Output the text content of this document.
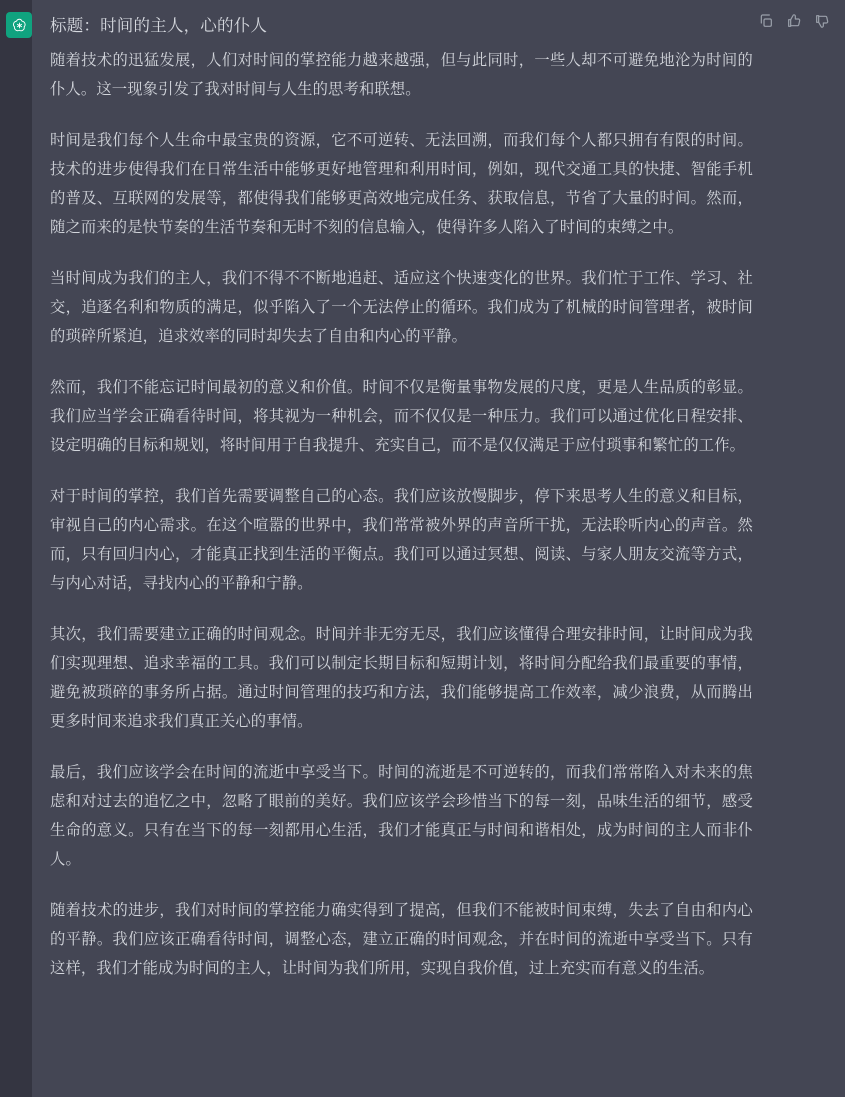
标题：时间的主人，心的仆人

随着技术的迅猛发展，人们对时间的掌控能力越来越强，但与此同时，一些人却不可避免地沦为时间的仆人。这一现象引发了我对时间与人生的思考和联想。

时间是我们每个人生命中最宝贵的资源，它不可逆转、无法回溯，而我们每个人都只拥有有限的时间。技术的进步使得我们在日常生活中能够更好地管理和利用时间，例如，现代交通工具的快捷、智能手机的普及、互联网的发展等，都使得我们能够更高效地完成任务、获取信息，节省了大量的时间。然而，随之而来的是快节奏的生活节奏和无时不刻的信息输入，使得许多人陷入了时间的束缚之中。

当时间成为我们的主人，我们不得不不断地追赶、适应这个快速变化的世界。我们忙于工作、学习、社交，追逐名利和物质的满足，似乎陷入了一个无法停止的循环。我们成为了机械的时间管理者，被时间的琐碎所紧迫，追求效率的同时却失去了自由和内心的平静。

然而，我们不能忘记时间最初的意义和价值。时间不仅是衡量事物发展的尺度，更是人生品质的彰显。我们应当学会正确看待时间，将其视为一种机会，而不仅仅是一种压力。我们可以通过优化日程安排、设定明确的目标和规划，将时间用于自我提升、充实自己，而不是仅仅满足于应付琐事和繁忙的工作。

对于时间的掌控，我们首先需要调整自己的心态。我们应该放慢脚步，停下来思考人生的意义和目标，审视自己的内心需求。在这个喧嚣的世界中，我们常常被外界的声音所干扰，无法聆听内心的声音。然而，只有回归内心，才能真正找到生活的平衡点。我们可以通过冥想、阅读、与家人朋友交流等方式，与内心对话，寻找内心的平静和宁静。

其次，我们需要建立正确的时间观念。时间并非无穷无尽，我们应该懂得合理安排时间，让时间成为我们实现理想、追求幸福的工具。我们可以制定长期目标和短期计划，将时间分配给我们最重要的事情，避免被琐碎的事务所占据。通过时间管理的技巧和方法，我们能够提高工作效率，减少浪费，从而腾出更多时间来追求我们真正关心的事情。

最后，我们应该学会在时间的流逝中享受当下。时间的流逝是不可逆转的，而我们常常陷入对未来的焦虑和对过去的追忆之中，忽略了眼前的美好。我们应该学会珍惜当下的每一刻，品味生活的细节，感受生命的意义。只有在当下的每一刻都用心生活，我们才能真正与时间和谐相处，成为时间的主人而非仆人。

随着技术的进步，我们对时间的掌控能力确实得到了提高，但我们不能被时间束缚，失去了自由和内心的平静。我们应该正确看待时间，调整心态，建立正确的时间观念，并在时间的流逝中享受当下。只有这样，我们才能成为时间的主人，让时间为我们所用，实现自我价值，过上充实而有意义的生活。
